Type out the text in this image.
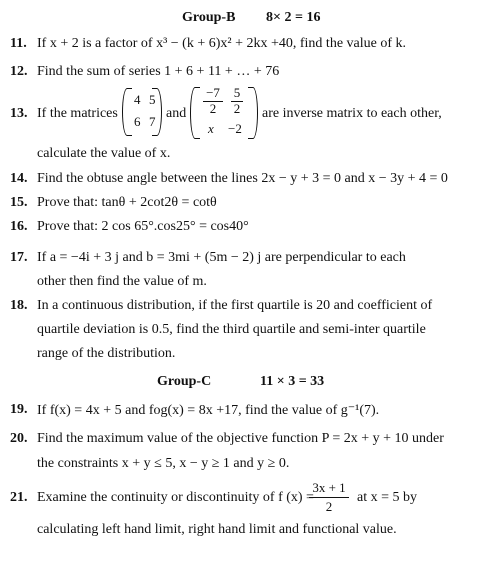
Group-B 8× 2 = 16
11. If x + 2 is a factor of x³ − (k + 6)x² + 2kx +40, find the value of k.
12. Find the sum of series 1 + 6 + 11 + … + 76
13. If the matrices
4 5
6 7
and
−7
2
5
2
x −2
are inverse matrix to each other,
calculate the value of x.
14. Find the obtuse angle between the lines 2x − y + 3 = 0 and x − 3y + 4 = 0
15. Prove that: tanθ + 2cot2θ = cotθ
16. Prove that: 2 cos 65°.cos25° = cos40°
17. If a = −4i + 3 j and b = 3mi + (5m − 2) j are perpendicular to each
other then find the value of m.
18. In a continuous distribution, if the first quartile is 20 and coefficient of
quartile deviation is 0.5, find the third quartile and semi-inter quartile
range of the distribution.
Group-C	11 × 3 = 33
19. If f(x) = 4x + 5 and fog(x) = 8x +17, find the value of g⁻¹(7).
20. Find the maximum value of the objective function P = 2x + y + 10 under
the constraints x + y ≤ 5, x − y ≥ 1 and y ≥ 0.
21. Examine the continuity or discontinuity of f (x) =
3x + 1
2
at x = 5 by
calculating left hand limit, right hand limit and functional value.
